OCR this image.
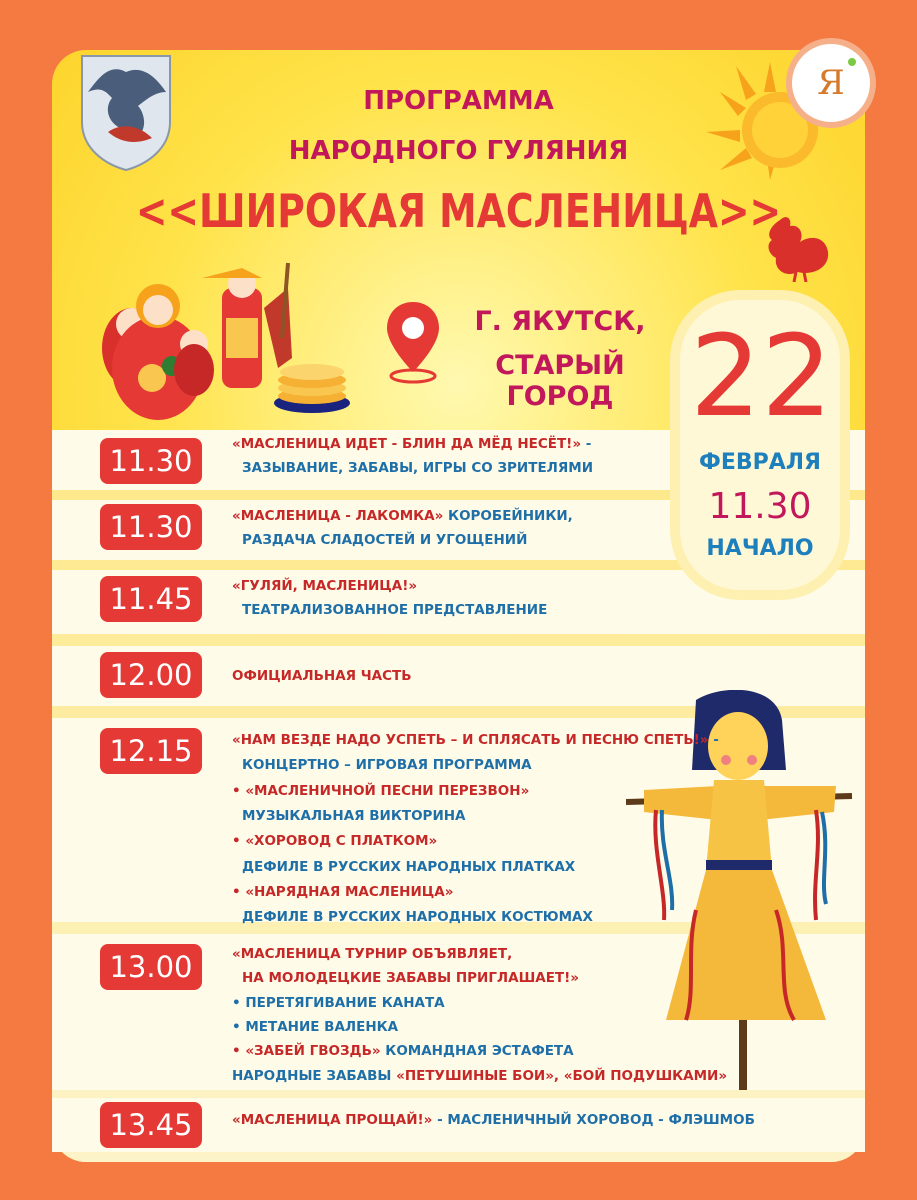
Я
ПРОГРАММА
НАРОДНОГО ГУЛЯНИЯ
<<ШИРОКАЯ МАСЛЕНИЦА>>
Г. ЯКУТСК,
СТАРЫЙ ГОРОД 22
ФЕВРАЛЯ
11.30
НАЧАЛО
11.30	«МАСЛЕНИЦА ИДЕТ - БЛИН ДА МЁД НЕСЁТ!» -
ЗАЗЫВАНИЕ, ЗАБАВЫ, ИГРЫ СО ЗРИТЕЛЯМИ
11.30	«МАСЛЕНИЦА - ЛАКОМКА» КОРОБЕЙНИКИ,
РАЗДАЧА СЛАДОСТЕЙ И УГОЩЕНИЙ
11.45	«ГУЛЯЙ, МАСЛЕНИЦА!»
ТЕАТРАЛИЗОВАННОЕ ПРЕДСТАВЛЕНИЕ
12.00	ОФИЦИАЛЬНАЯ ЧАСТЬ
12.15	«НАМ ВЕЗДЕ НАДО УСПЕТЬ – И СПЛЯСАТЬ И ПЕСНЮ СПЕТЬ!» -
КОНЦЕРТНО – ИГРОВАЯ ПРОГРАММА
• «МАСЛЕНИЧНОЙ ПЕСНИ ПЕРЕЗВОН»
МУЗЫКАЛЬНАЯ ВИКТОРИНА
• «ХОРОВОД С ПЛАТКОМ»
ДЕФИЛЕ В РУССКИХ НАРОДНЫХ ПЛАТКАХ
• «НАРЯДНАЯ МАСЛЕНИЦА»
ДЕФИЛЕ В РУССКИХ НАРОДНЫХ КОСТЮМАХ
13.00	«МАСЛЕНИЦА ТУРНИР ОБЪЯВЛЯЕТ,
НА МОЛОДЕЦКИЕ ЗАБАВЫ ПРИГЛАШАЕТ!»
• ПЕРЕТЯГИВАНИЕ КАНАТА
• МЕТАНИЕ ВАЛЕНКА
• «ЗАБЕЙ ГВОЗДЬ» КОМАНДНАЯ ЭСТАФЕТА
НАРОДНЫЕ ЗАБАВЫ «ПЕТУШИНЫЕ БОИ», «БОЙ ПОДУШКАМИ»
13.45	«МАСЛЕНИЦА ПРОЩАЙ!» - МАСЛЕНИЧНЫЙ ХОРОВОД - ФЛЭШМОБ
